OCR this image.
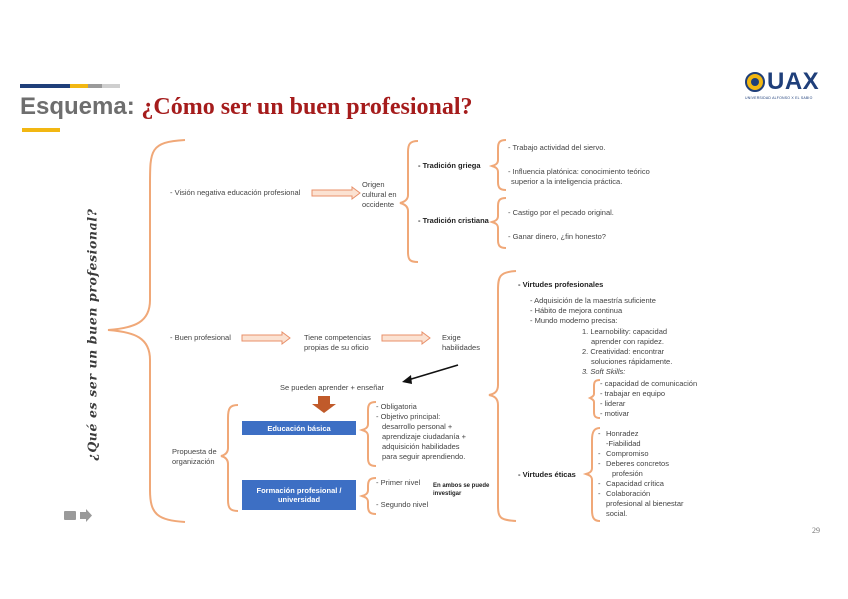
Esquema: ¿Cómo ser un buen profesional?
UAX
UNIVERSIDAD ALFONSO X EL SABIO
¿Qué es ser un buen profesional?
- Visión negativa educación profesional
Origen
cultural en
occidente
- Tradición griega
- Trabajo actividad del siervo.
- Influencia platónica: conocimiento teórico
superior a la inteligencia práctica.
- Tradición cristiana
- Castigo por el pecado original.
- Ganar dinero, ¿fin honesto?
- Buen profesional	Tiene competencias
propias de su oficio
Exige
habilidades
Se pueden aprender + enseñar
Propuesta de
organización
Educación básica
Formación profesional /
universidad
- Obligatoria
- Objetivo principal:
desarrollo personal +
aprendizaje ciudadanía +
adquisición habilidades
para seguir aprendiendo.
- Primer nivel
- Segundo nivel
En ambos se puede
investigar
- Virtudes profesionales
- Adquisición de la maestría suficiente
- Hábito de mejora continua
- Mundo moderno precisa:
1. Learnobility: capacidad
aprender con rapidez.
2. Creatividad: encontrar
soluciones rápidamente.
3. Soft Skills:
- capacidad de comunicación
- trabajar en equipo
- liderar
- motivar
- Virtudes éticas
- Honradez
-Fiabilidad
- Compromiso
- Deberes concretos
profesión
- Capacidad crítica
- Colaboración
profesional al bienestar
social.
29
